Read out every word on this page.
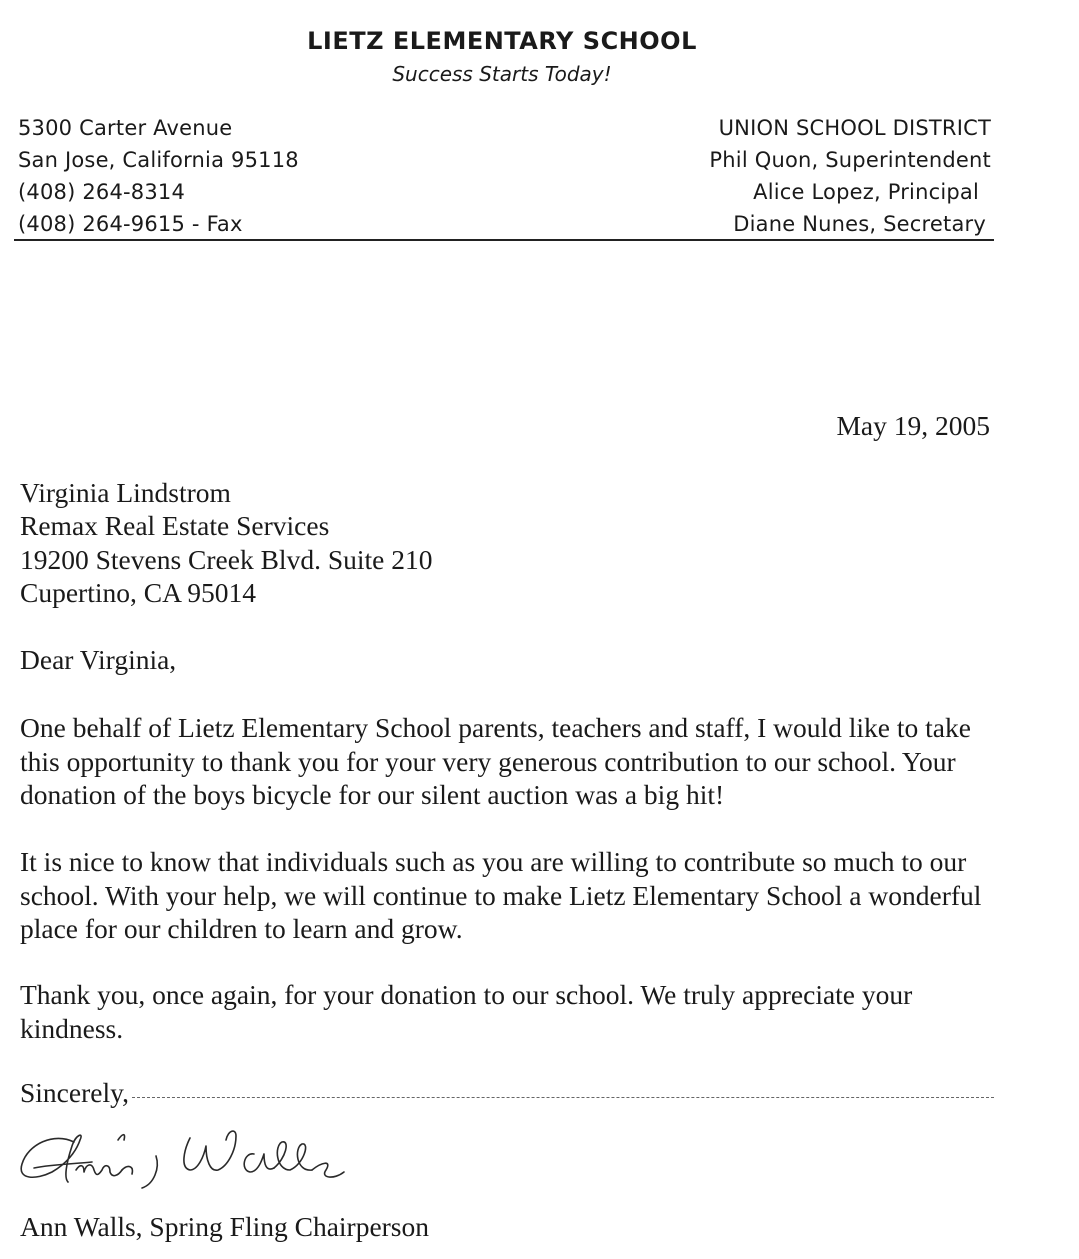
LIETZ ELEMENTARY SCHOOL
Success Starts Today!
5300 Carter Avenue
San Jose, California 95118
(408) 264-8314
(408) 264-9615 - Fax
UNION SCHOOL DISTRICT
Phil Quon, Superintendent
Alice Lopez, Principal
Diane Nunes, Secretary
May 19, 2005
Virginia Lindstrom
Remax Real Estate Services
19200 Stevens Creek Blvd. Suite 210
Cupertino, CA 95014
Dear Virginia,

One behalf of Lietz Elementary School parents, teachers and staff, I would like to take this opportunity to thank you for your very generous contribution to our school. Your donation of the boys bicycle for our silent auction was a big hit!

It is nice to know that individuals such as you are willing to contribute so much to our school. With your help, we will continue to make Lietz Elementary School a wonderful place for our children to learn and grow.

Thank you, once again, for your donation to our school. We truly appreciate your kindness.

Sincerely,
Ann Walls, Spring Fling Chairperson
